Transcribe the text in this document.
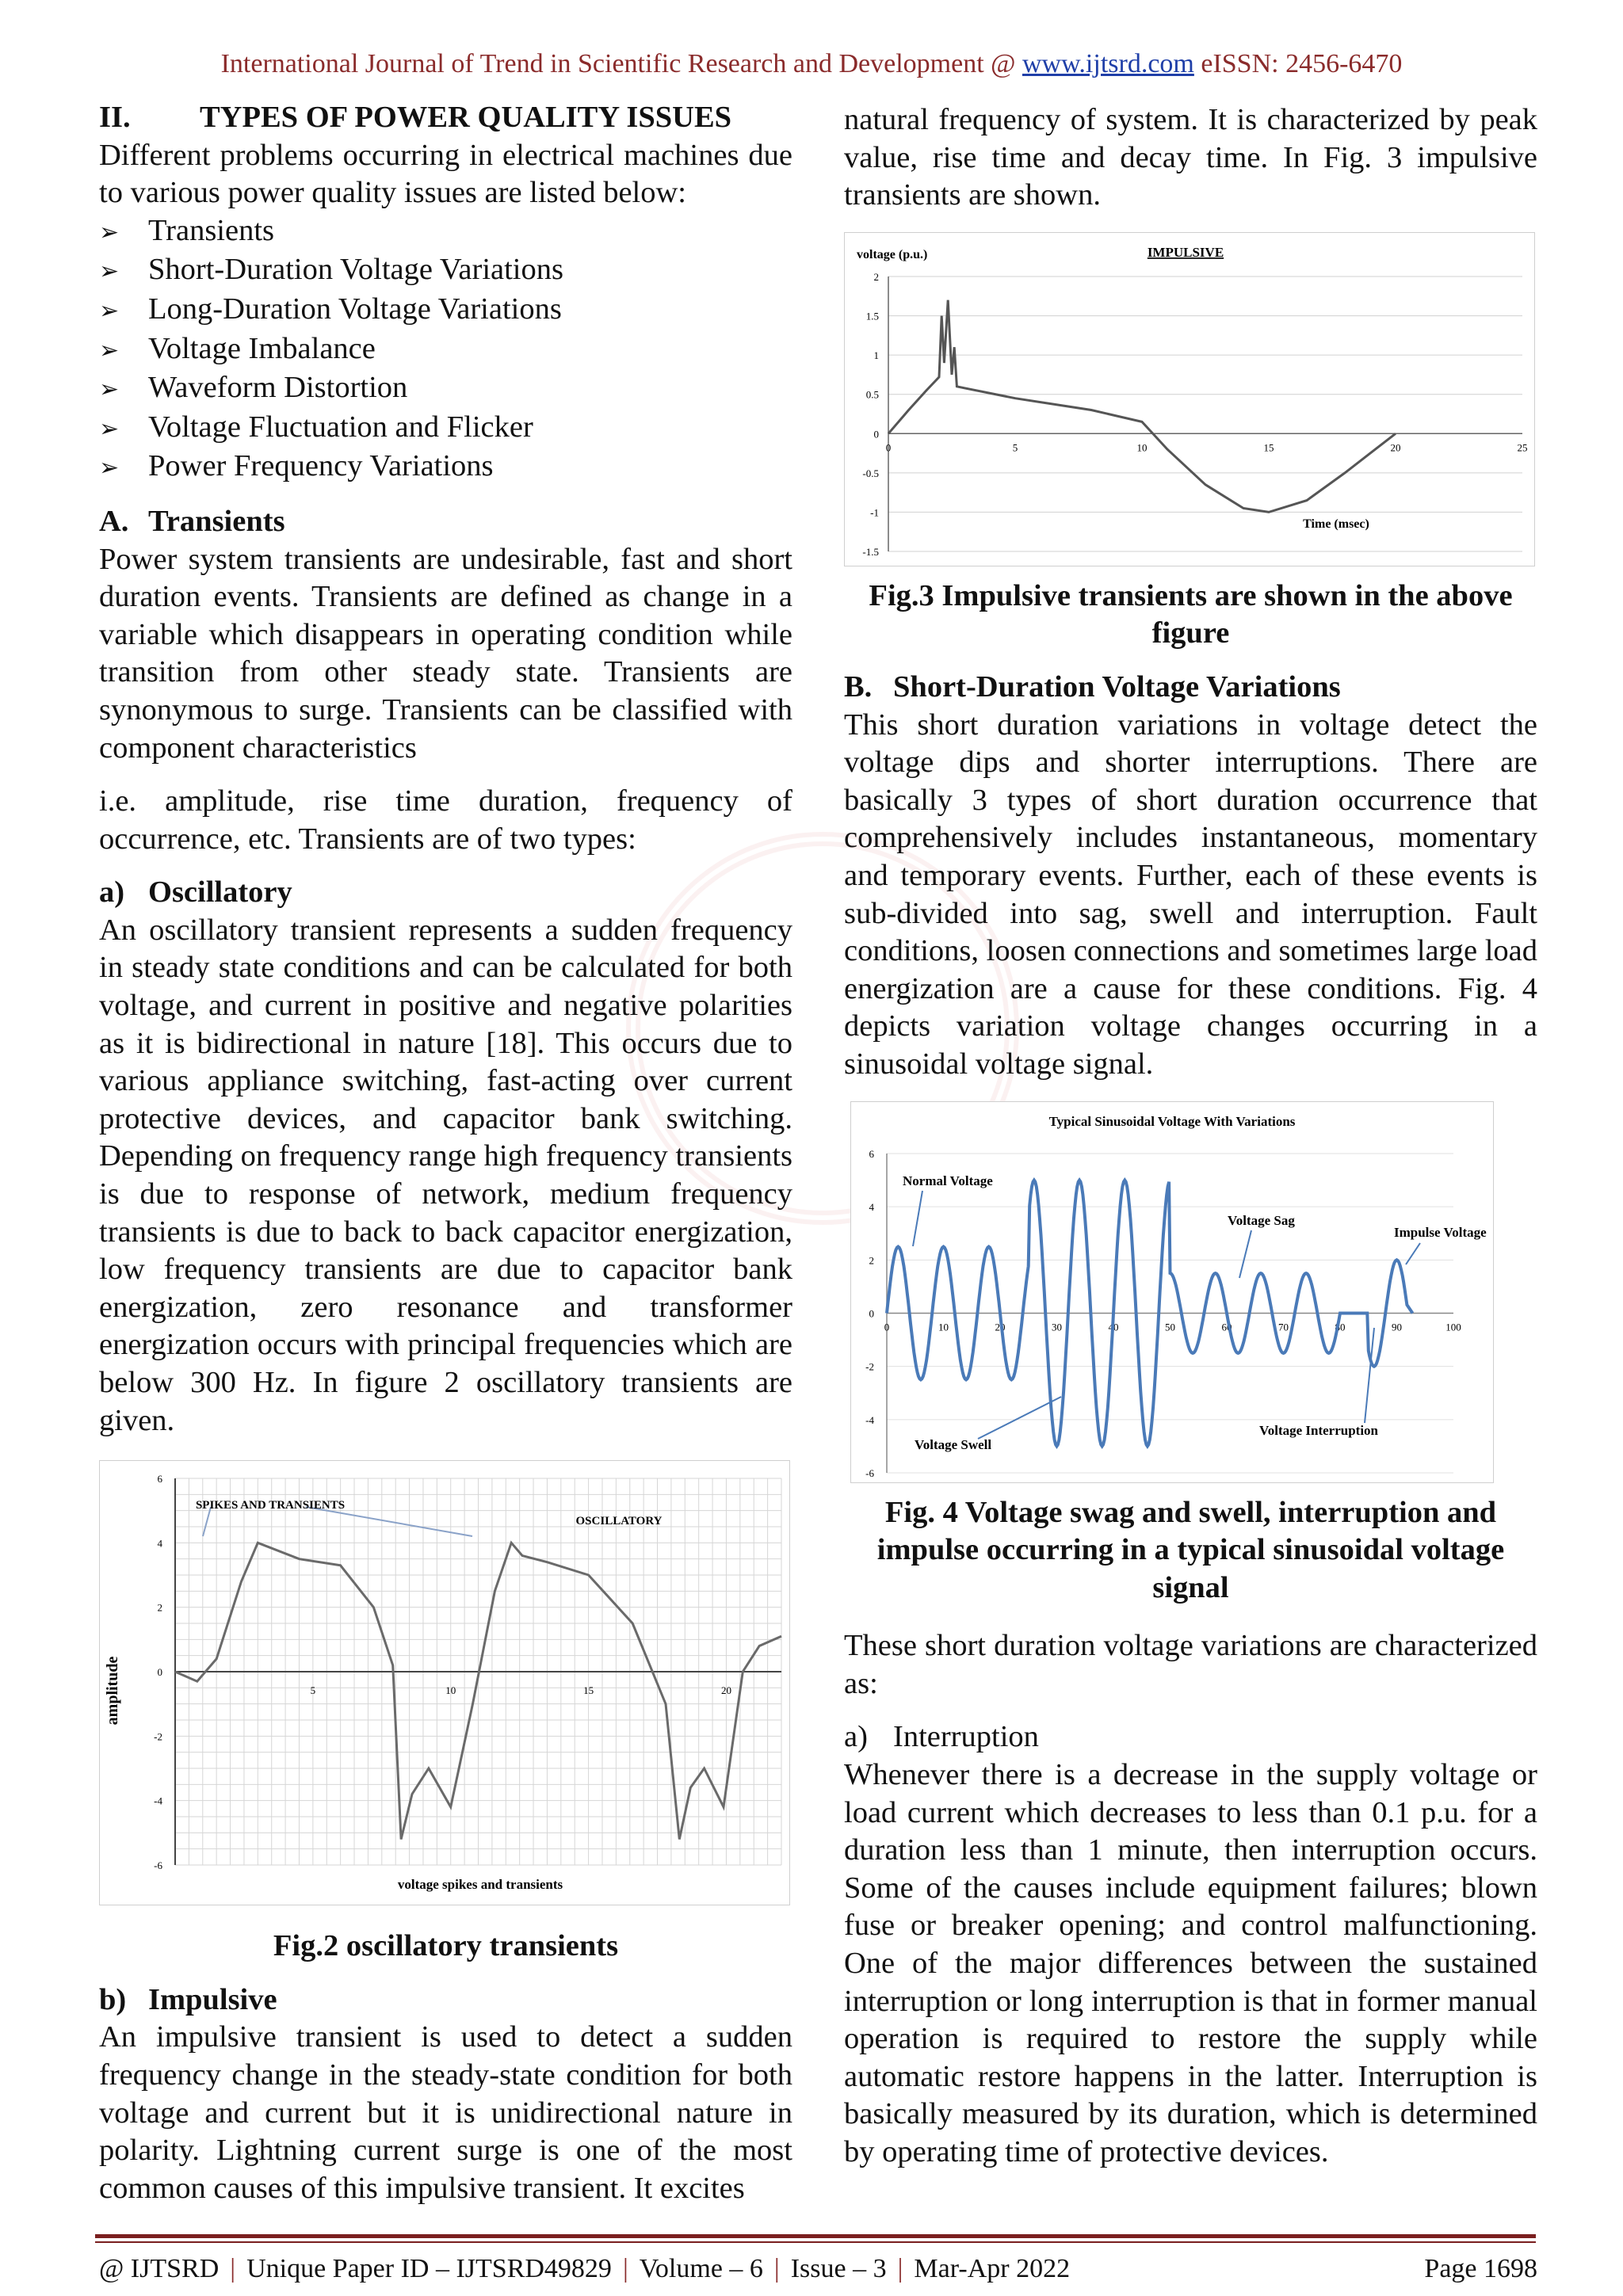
International Journal of Trend in Scientific Research and Development @ www.ijtsrd.com eISSN: 2456-6470

II. TYPES OF POWER QUALITY ISSUES

Different problems occurring in electrical machines due to various power quality issues are listed below:

➢ Transients
➢ Short-Duration Voltage Variations
➢ Long-Duration Voltage Variations
➢ Voltage Imbalance
➢ Waveform Distortion
➢ Voltage Fluctuation and Flicker
➢ Power Frequency Variations

A. Transients

Power system transients are undesirable, fast and short duration events. Transients are defined as change in a variable which disappears in operating condition while transition from other steady state. Transients are synonymous to surge. Transients can be classified with component characteristics

i.e. amplitude, rise time duration, frequency of occurrence, etc. Transients are of two types:

a) Oscillatory

An oscillatory transient represents a sudden frequency in steady state conditions and can be calculated for both voltage, and current in positive and negative polarities as it is bidirectional in nature [18]. This occurs due to various appliance switching, fast-acting over current protective devices, and capacitor bank switching. Depending on frequency range high frequency transients is due to response of network, medium frequency transients is due to back to back capacitor energization, low frequency transients are due to capacitor bank energization, zero resonance and transformer energization occurs with principal frequencies which are below 300 Hz. In figure 2 oscillatory transients are given.

6
4
2
0
-2
-4
-6
5	10	15	20
SPIKES AND TRANSIENTS
OSCILLATORY
amplitude
voltage spikes and transients

Fig.2 oscillatory transients

b) Impulsive

An impulsive transient is used to detect a sudden frequency change in the steady-state condition for both voltage and current but it is unidirectional nature in polarity. Lightning current surge is one of the most common causes of this impulsive transient. It excites

natural frequency of system. It is characterized by peak value, rise time and decay time. In Fig. 3 impulsive transients are shown.

2
1.5
1
0.5
0
-0.5
-1
-1.5
0	5	10	15	20	25
voltage (p.u.)	IMPULSIVE
Time (msec)

Fig.3 Impulsive transients are shown in the above figure

B. Short-Duration Voltage Variations

This short duration variations in voltage detect the voltage dips and shorter interruptions. There are basically 3 types of short duration occurrence that comprehensively includes instantaneous, momentary and temporary events. Further, each of these events is sub-divided into sag, swell and interruption. Fault conditions, loosen connections and sometimes large load energization are a cause for these conditions. Fig. 4 depicts variation voltage changes occurring in a sinusoidal voltage signal.

6
4
2
0
-2
-4
-6
0	10	20	30	40	50	60	70	80	90	100
Typical Sinusoidal Voltage With Variations
Normal Voltage
Voltage Sag
Impulse Voltage
Voltage Swell
Voltage Interruption

Fig. 4 Voltage swag and swell, interruption and impulse occurring in a typical sinusoidal voltage signal

These short duration voltage variations are characterized as:

a) Interruption

Whenever there is a decrease in the supply voltage or load current which decreases to less than 0.1 p.u. for a duration less than 1 minute, then interruption occurs. Some of the causes include equipment failures; blown fuse or breaker opening; and control malfunctioning. One of the major differences between the sustained interruption or long interruption is that in former manual operation is required to restore the supply while automatic restore happens in the latter. Interruption is basically measured by its duration, which is determined by operating time of protective devices.

@ IJTSRD | Unique Paper ID – IJTSRD49829 | Volume – 6 | Issue – 3 | Mar-Apr 2022	Page 1698
